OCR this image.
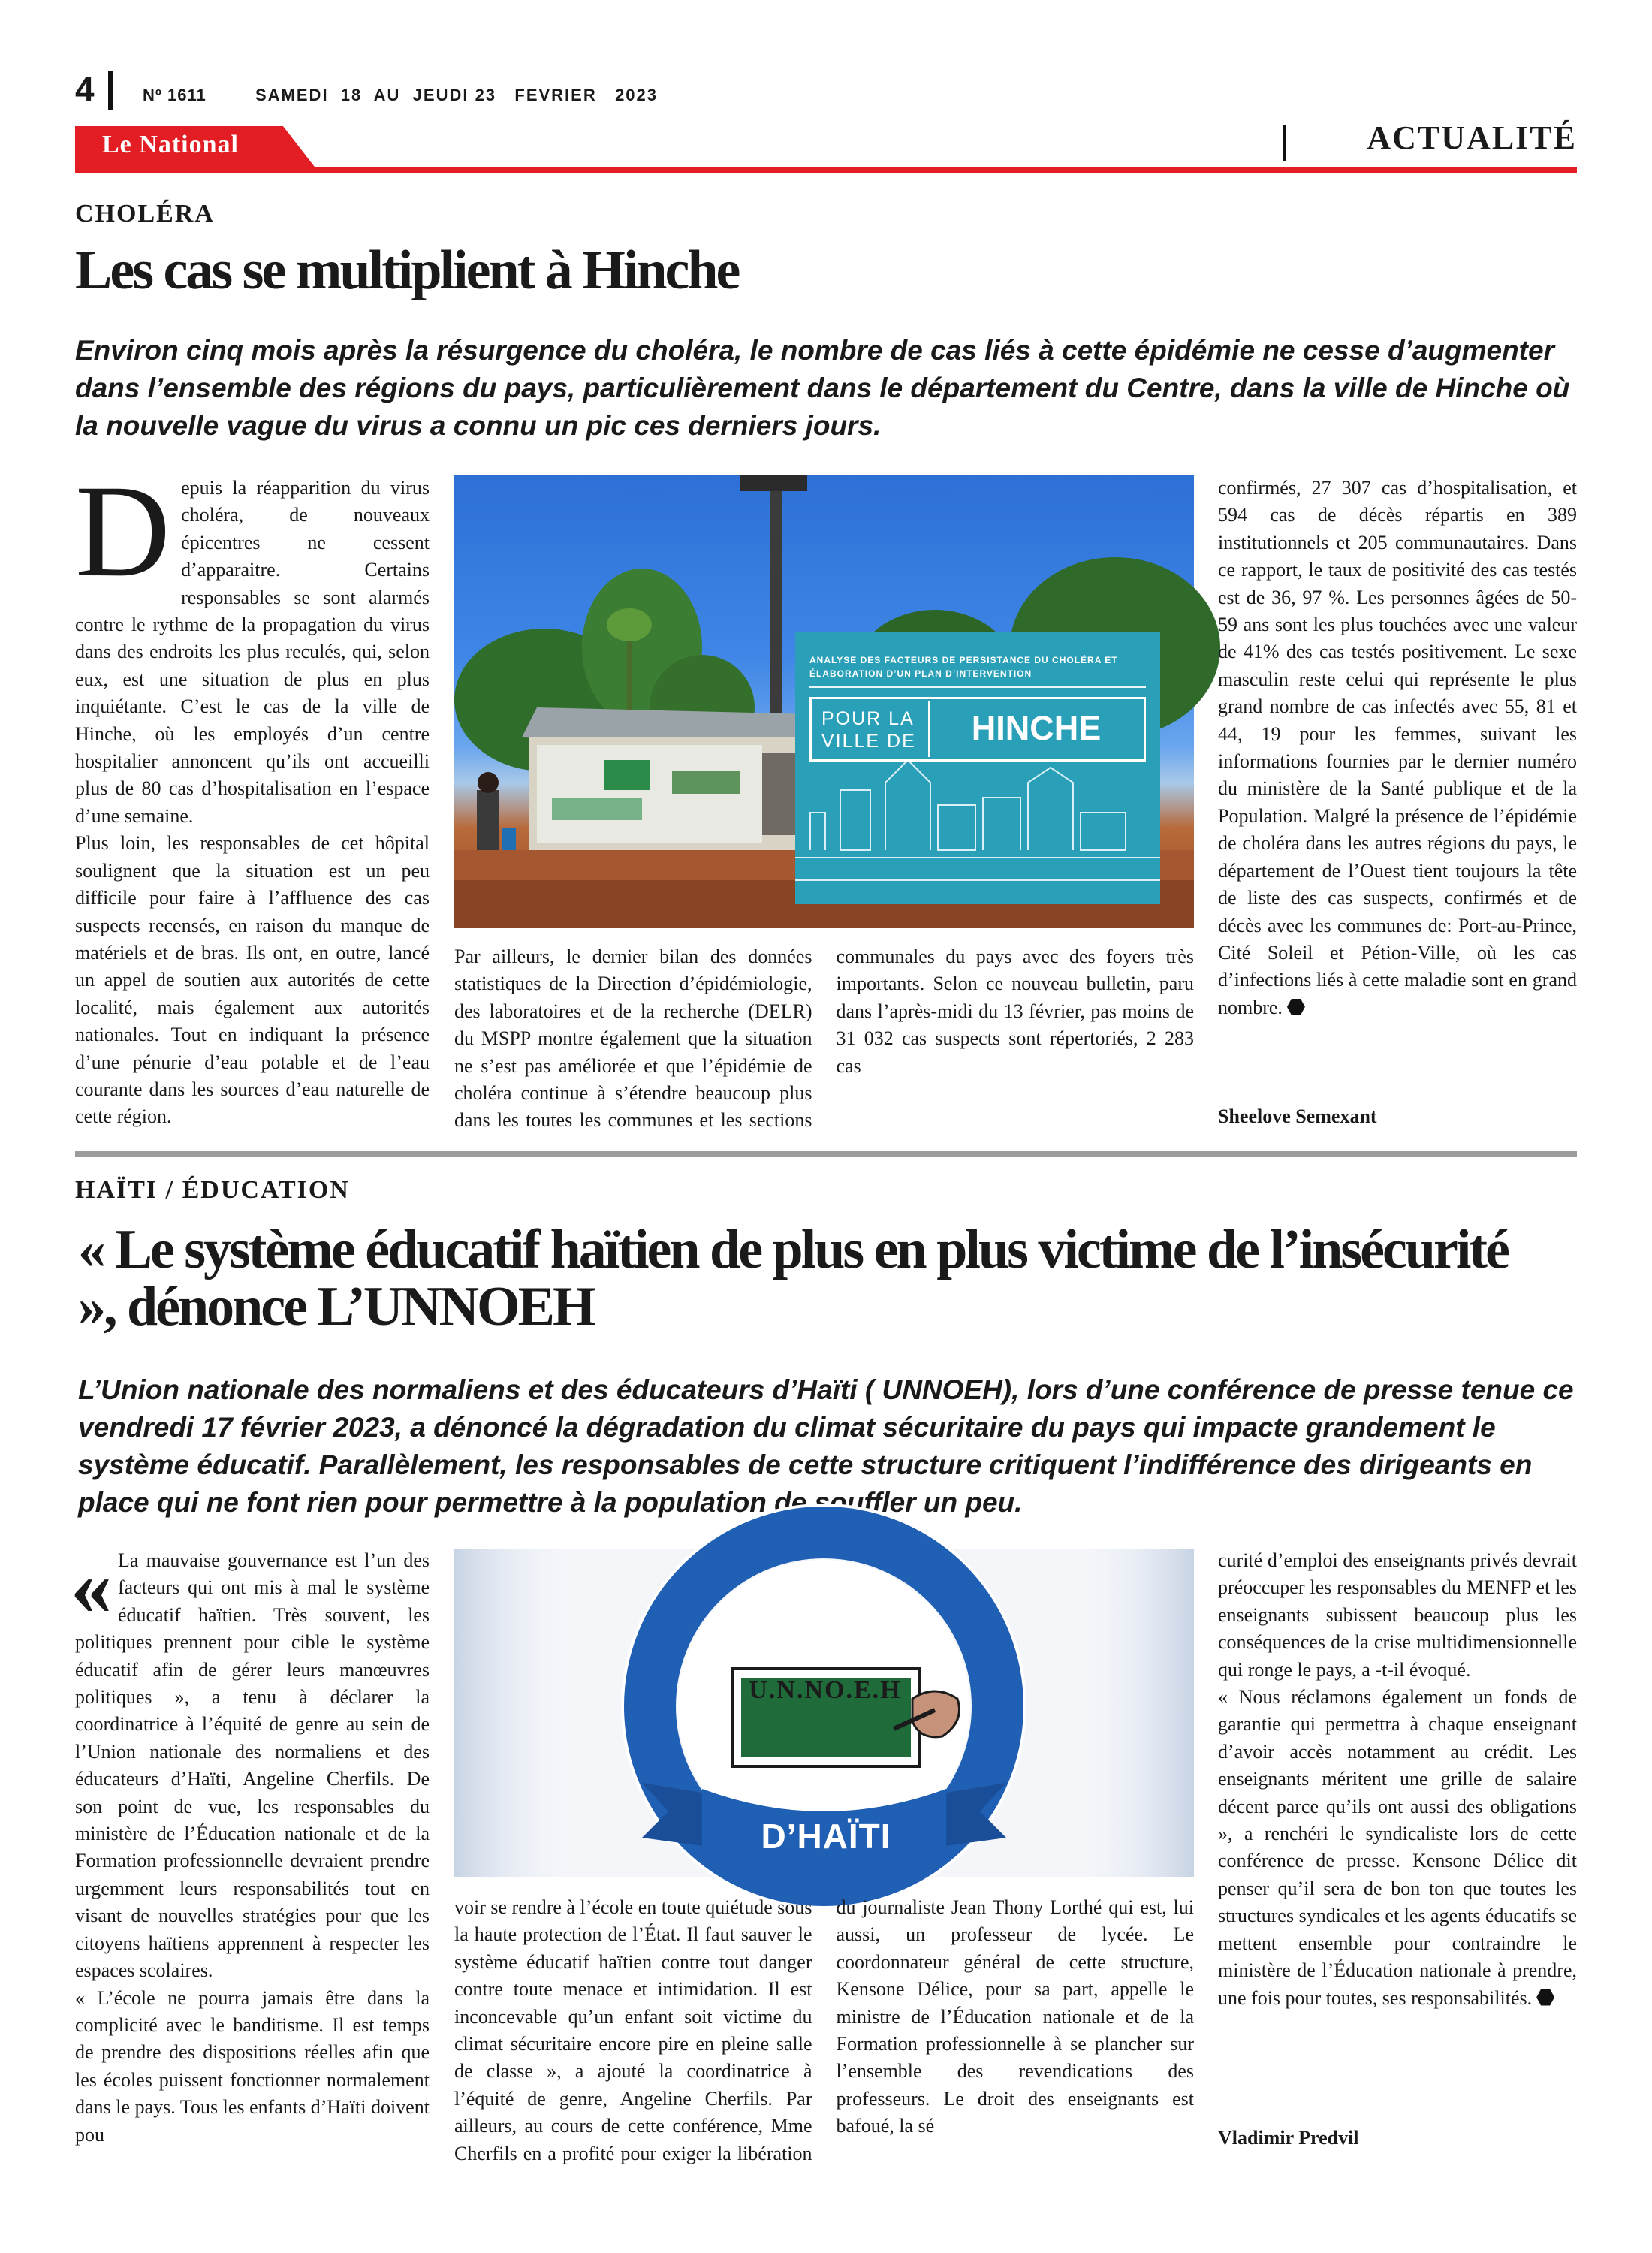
4	Nº 1611	SAMEDI  18  AU  JEUDI 23   FEVRIER   2023
Le National	ACTUALITÉ
CHOLÉRA
Les cas se multiplient à Hinche
Environ cinq mois après la résurgence du choléra, le nombre de cas liés à cette épidémie ne cesse d’augmenter dans l’ensemble des régions du pays, particulièrement dans le département du Centre, dans la ville de Hinche où la nouvelle vague du virus a connu un pic ces derniers jours.
D epuis la réapparition du virus choléra, de nouveaux épicentres ne cessent d’apparaitre. Certains responsables se sont alarmés contre le rythme de la propagation du virus dans des endroits les plus reculés, qui, selon eux, est une situation de plus en plus inquiétante. C’est le cas de la ville de Hinche, où les employés d’un centre hospitalier annoncent qu’ils ont accueilli plus de 80 cas d’hospitalisation en l’espace d’une semaine.

Plus loin, les responsables de cet hôpital soulignent que la situation est un peu difficile pour faire à l’affluence des cas suspects recensés, en raison du manque de matériels et de bras. Ils ont, en outre, lancé un appel de soutien aux autorités de cette localité, mais également aux autorités nationales. Tout en indiquant la présence d’une pénurie d’eau potable et de l’eau courante dans les sources d’eau naturelle de cette région.

ANALYSE DES FACTEURS DE PERSISTANCE DU CHOLÉRA ET ÉLABORATION D’UN PLAN D’INTERVENTION
POUR LA VILLE DE	HINCHE

Par ailleurs, le dernier bilan des données statistiques de la Direction d’épidémiologie, des laboratoires et de la recherche (DELR) du MSPP montre également que la situation ne s’est pas améliorée et que l’épidémie de choléra continue à s’étendre beaucoup plus dans les toutes les communes et les sections communales du pays avec des foyers très importants. Selon ce nouveau bulletin, paru dans l’après-midi du 13 février, pas moins de 31 032 cas suspects sont répertoriés, 2 283 cas

confirmés, 27 307 cas d’hospitalisation, et 594 cas de décès répartis en 389 institutionnels et 205 communautaires. Dans ce rapport, le taux de positivité des cas testés est de 36, 97 %. Les personnes âgées de 50-59 ans sont les plus touchées avec une valeur de 41% des cas testés positivement. Le sexe masculin reste celui qui représente le plus grand nombre de cas infectés avec 55, 81 et 44, 19 pour les femmes, suivant les informations fournies par le dernier numéro du ministère de la Santé publique et de la Population. Malgré la présence de l’épidémie de choléra dans les autres régions du pays, le département de l’Ouest tient toujours la tête de liste des cas suspects, confirmés et de décès avec les communes de: Port-au-Prince, Cité Soleil et Pétion-Ville, où les cas d’infections liés à cette maladie sont en grand nombre.

Sheelove Semexant
HAÏTI / ÉDUCATION
« Le système éducatif haïtien de plus en plus victime de l’insécurité », dénonce L’UNNOEH
L’Union nationale des normaliens et des éducateurs d’Haïti ( UNNOEH), lors d’une conférence de presse tenue ce vendredi 17 février 2023, a dénoncé la dégradation du climat sécuritaire du pays qui impacte grandement le système éducatif. Parallèlement, les responsables de cette structure critiquent l’indifférence des dirigeants en place qui ne font rien pour permettre à la population de souffler un peu.
« La mauvaise gouvernance est l’un des facteurs qui ont mis à mal le système éducatif haïtien. Très souvent, les politiques prennent pour cible le système éducatif afin de gérer leurs manœuvres politiques », a tenu à déclarer la coordinatrice à l’équité de genre au sein de l’Union nationale des normaliens et des éducateurs d’Haïti, Angeline Cherfils. De son point de vue, les responsables du ministère de l’Éducation nationale et de la Formation professionnelle devraient prendre urgemment leurs responsabilités tout en visant de nouvelles stratégies pour que les citoyens haïtiens apprennent à respecter les espaces scolaires.

« L’école ne pourra jamais être dans la complicité avec le banditisme. Il est temps de prendre des dispositions réelles afin que les écoles puissent fonctionner normalement dans le pays. Tous les enfants d’Haïti doivent pou

U.N.NO.E.H
D’HAÏTI

voir se rendre à l’école en toute quiétude sous la haute protection de l’État. Il faut sauver le système éducatif haïtien contre tout danger contre toute menace et intimidation. Il est inconcevable qu’un enfant soit victime du climat sécuritaire encore pire en pleine salle de classe », a ajouté la coordinatrice à l’équité de genre, Angeline Cherfils. Par ailleurs, au cours de cette conférence, Mme Cherfils en a profité pour exiger la libération du journaliste Jean Thony Lorthé qui est, lui aussi, un professeur de lycée. Le coordonnateur général de cette structure, Kensone Délice, pour sa part, appelle le ministre de l’Éducation nationale et de la Formation professionnelle à se plancher sur l’ensemble des revendications des professeurs. Le droit des enseignants est bafoué, la sé

curité d’emploi des enseignants privés devrait préoccuper les responsables du MENFP et les enseignants subissent beaucoup plus les conséquences de la crise multidimensionnelle qui ronge le pays, a -t-il évoqué.

« Nous réclamons également un fonds de garantie qui permettra à chaque enseignant d’avoir accès notamment au crédit. Les enseignants méritent une grille de salaire décent parce qu’ils ont aussi des obligations », a renchéri le syndicaliste lors de cette conférence de presse. Kensone Délice dit penser qu’il sera de bon ton que toutes les structures syndicales et les agents éducatifs se mettent ensemble pour contraindre le ministère de l’Éducation nationale à prendre, une fois pour toutes, ses responsabilités.

Vladimir Predvil
